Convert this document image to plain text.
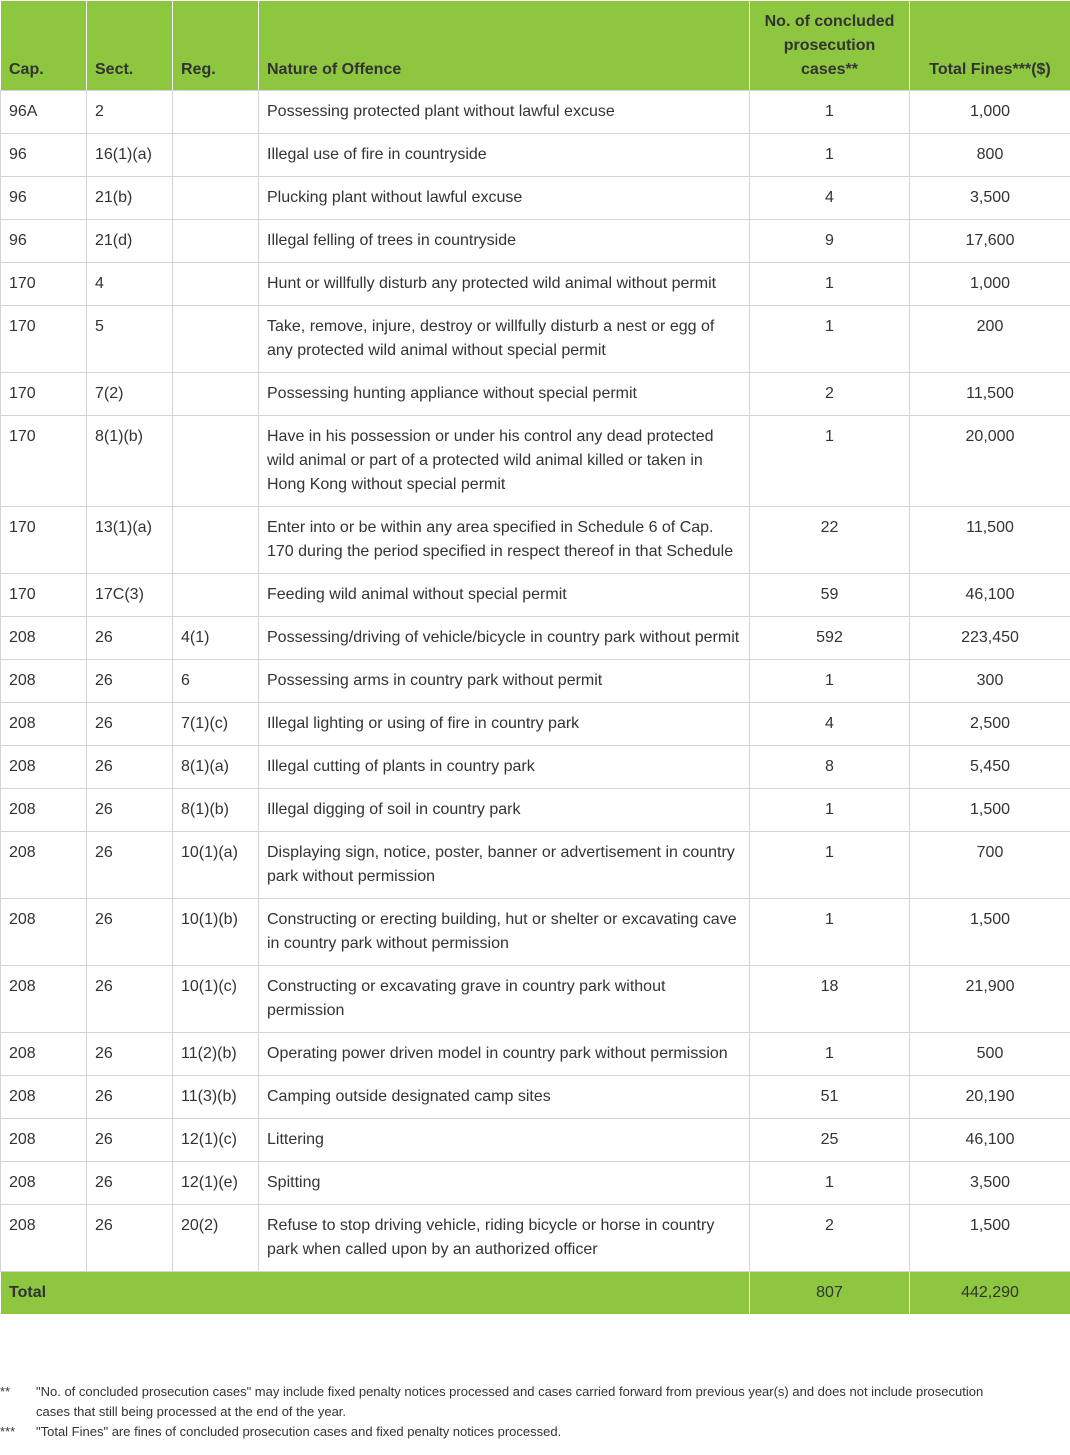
Cap.	Sect.	Reg.	Nature of Offence	No. of concluded prosecution cases**	Total Fines***($)
96A	2		Possessing protected plant without lawful excuse	1	1,000
96	16(1)(a)		Illegal use of fire in countryside	1	800
96	21(b)		Plucking plant without lawful excuse	4	3,500
96	21(d)		Illegal felling of trees in countryside	9	17,600
170	4		Hunt or willfully disturb any protected wild animal without permit	1	1,000
170	5		Take, remove, injure, destroy or willfully disturb a nest or egg of any protected wild animal without special permit	1	200
170	7(2)		Possessing hunting appliance without special permit	2	11,500
170	8(1)(b)		Have in his possession or under his control any dead protected wild animal or part of a protected wild animal killed or taken in Hong Kong without special permit	1	20,000
170	13(1)(a)		Enter into or be within any area specified in Schedule 6 of Cap. 170 during the period specified in respect thereof in that Schedule	22	11,500
170	17C(3)		Feeding wild animal without special permit	59	46,100
208	26	4(1)	Possessing/driving of vehicle/bicycle in country park without permit	592	223,450
208	26	6	Possessing arms in country park without permit	1	300
208	26	7(1)(c)	Illegal lighting or using of fire in country park	4	2,500
208	26	8(1)(a)	Illegal cutting of plants in country park	8	5,450
208	26	8(1)(b)	Illegal digging of soil in country park	1	1,500
208	26	10(1)(a)	Displaying sign, notice, poster, banner or advertisement in country park without permission	1	700
208	26	10(1)(b)	Constructing or erecting building, hut or shelter or excavating cave in country park without permission	1	1,500
208	26	10(1)(c)	Constructing or excavating grave in country park without permission	18	21,900
208	26	11(2)(b)	Operating power driven model in country park without permission	1	500
208	26	11(3)(b)	Camping outside designated camp sites	51	20,190
208	26	12(1)(c)	Littering	25	46,100
208	26	12(1)(e)	Spitting	1	3,500
208	26	20(2)	Refuse to stop driving vehicle, riding bicycle or horse in country park when called upon by an authorized officer	2	1,500
Total				807	442,290
**	"No. of concluded prosecution cases" may include fixed penalty notices processed and cases carried forward from previous year(s) and does not include prosecution cases that still being processed at the end of the year.
***	"Total Fines" are fines of concluded prosecution cases and fixed penalty notices processed.
